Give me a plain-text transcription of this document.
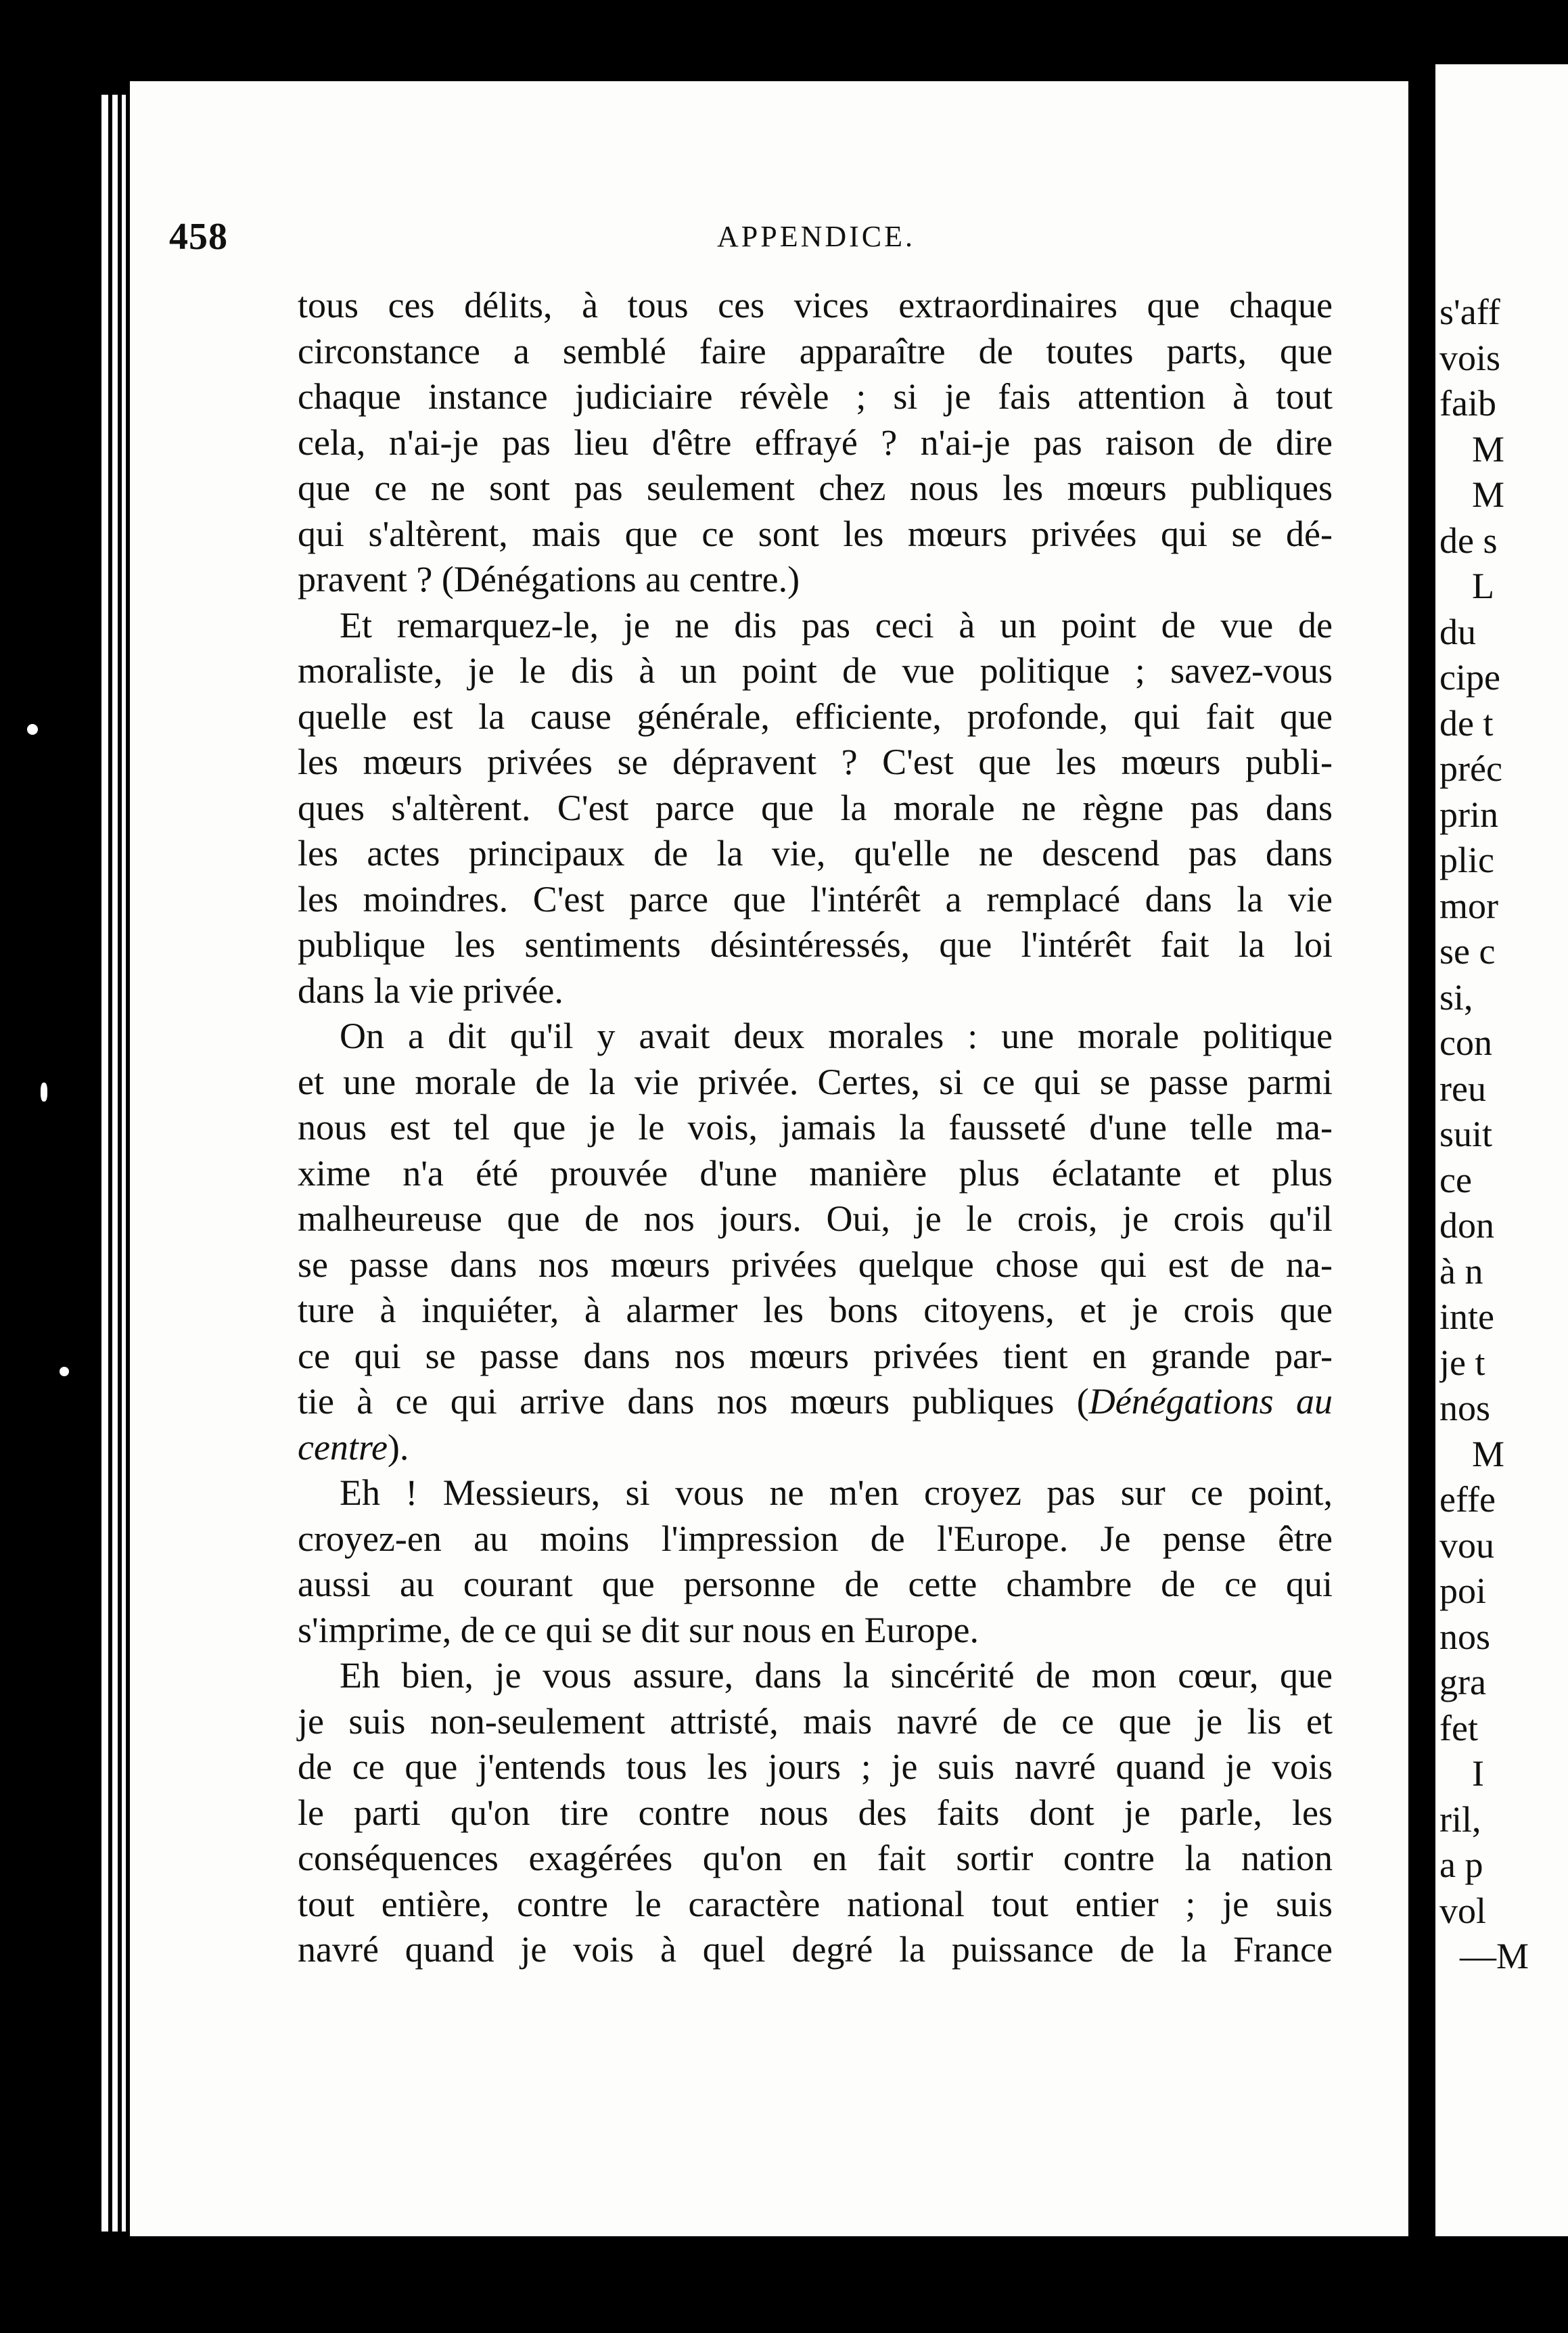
458	APPENDICE.
tous ces délits, à tous ces vices extraordinaires que chaque
circonstance a semblé faire apparaître de toutes parts, que
chaque instance judiciaire révèle ; si je fais attention à tout
cela, n'ai-je pas lieu d'être effrayé ? n'ai-je pas raison de dire
que ce ne sont pas seulement chez nous les mœurs publiques
qui s'altèrent, mais que ce sont les mœurs privées qui se dé-
pravent ? (Dénégations au centre.)
Et remarquez-le, je ne dis pas ceci à un point de vue de
moraliste, je le dis à un point de vue politique ; savez-vous
quelle est la cause générale, efficiente, profonde, qui fait que
les mœurs privées se dépravent ? C'est que les mœurs publi-
ques s'altèrent. C'est parce que la morale ne règne pas dans
les actes principaux de la vie, qu'elle ne descend pas dans
les moindres. C'est parce que l'intérêt a remplacé dans la vie
publique les sentiments désintéressés, que l'intérêt fait la loi
dans la vie privée.
On a dit qu'il y avait deux morales : une morale politique
et une morale de la vie privée. Certes, si ce qui se passe parmi
nous est tel que je le vois, jamais la fausseté d'une telle ma-
xime n'a été prouvée d'une manière plus éclatante et plus
malheureuse que de nos jours. Oui, je le crois, je crois qu'il
se passe dans nos mœurs privées quelque chose qui est de na-
ture à inquiéter, à alarmer les bons citoyens, et je crois que
ce qui se passe dans nos mœurs privées tient en grande par-
tie à ce qui arrive dans nos mœurs publiques (Dénégations au
centre).
Eh ! Messieurs, si vous ne m'en croyez pas sur ce point,
croyez-en au moins l'impression de l'Europe. Je pense être
aussi au courant que personne de cette chambre de ce qui
s'imprime, de ce qui se dit sur nous en Europe.
Eh bien, je vous assure, dans la sincérité de mon cœur, que
je suis non-seulement attristé, mais navré de ce que je lis et
de ce que j'entends tous les jours ; je suis navré quand je vois
le parti qu'on tire contre nous des faits dont je parle, les
conséquences exagérées qu'on en fait sortir contre la nation
tout entière, contre le caractère national tout entier ; je suis
navré quand je vois à quel degré la puissance de la France
s'aff
vois
faib
M
M
de s
L
du
cipe
de t
préc
prin
plic
mor
se c
si,
con
reu
suit
ce
don
à n
inte
je t
nos
M
effe
vou
poi
nos
gra
fet
I
ril,
a p
vol
—M
